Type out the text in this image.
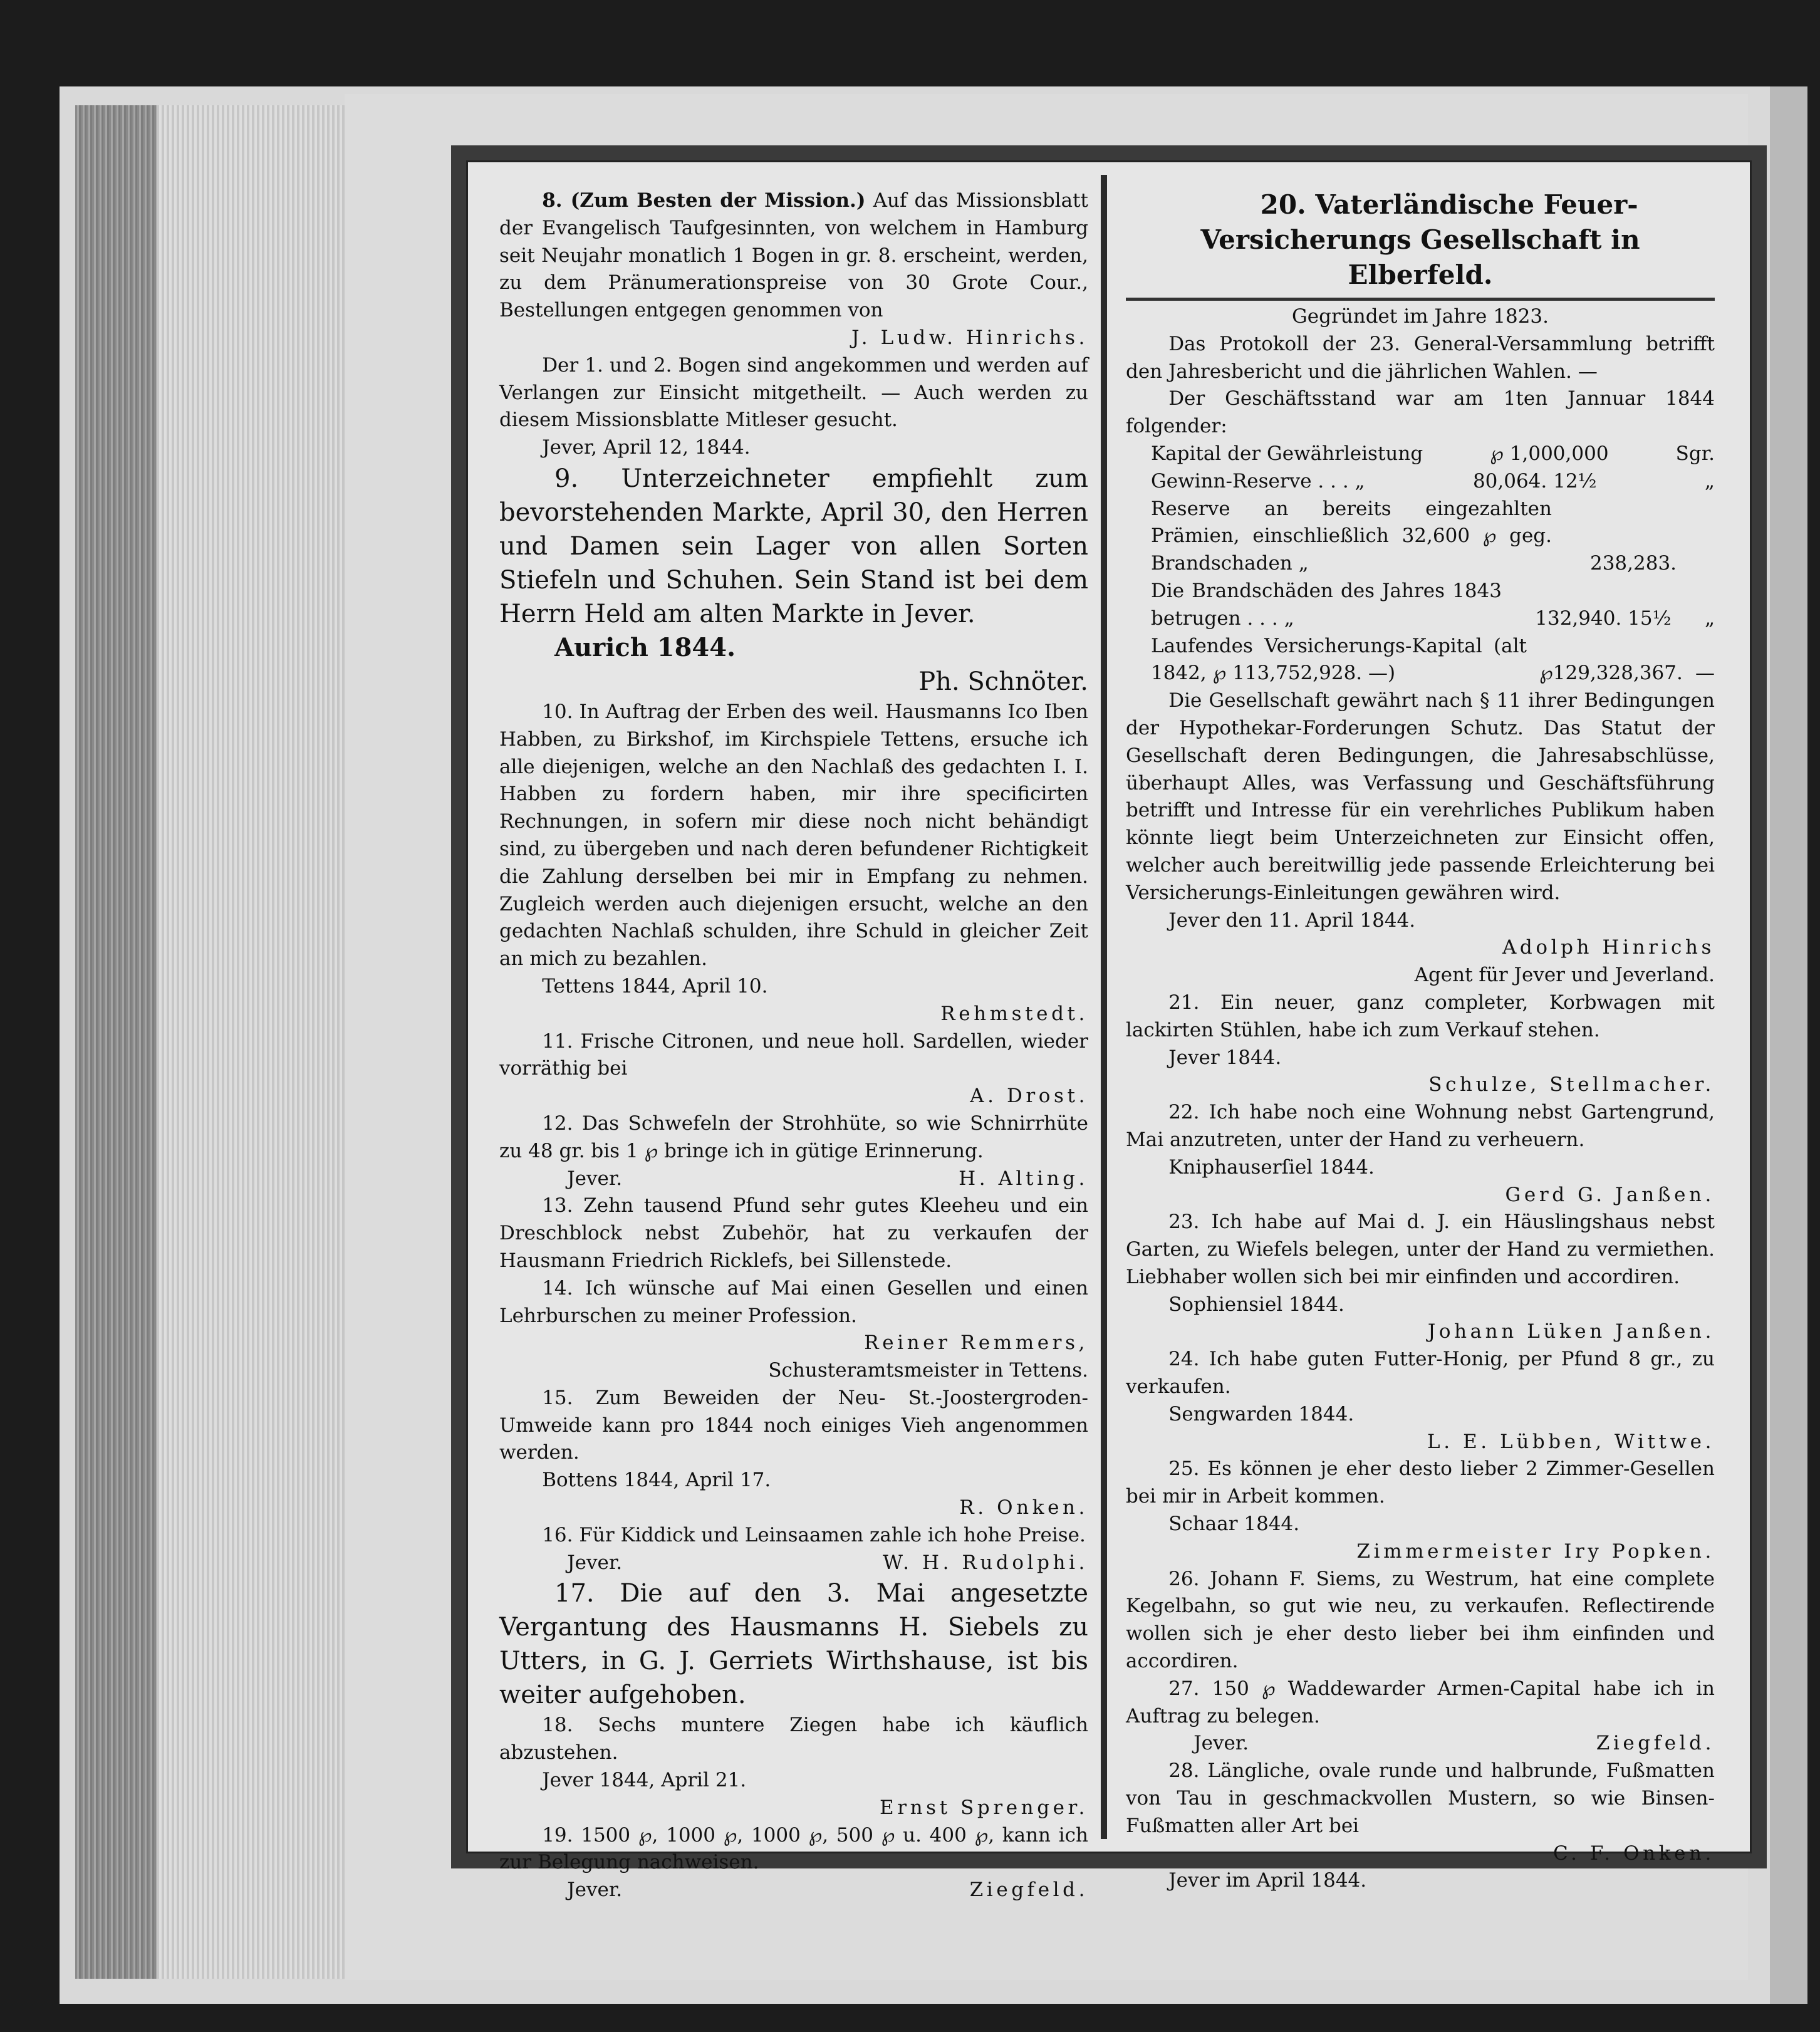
8. (Zum Besten der Mission.) Auf das Missionsblatt der Evangelisch Taufgesinnten, von welchem in Hamburg seit Neujahr monatlich 1 Bogen in gr. 8. erscheint, werden, zu dem Pränumerationspreise von 30 Grote Cour., Bestellungen entgegen genommen von

J. Ludw. Hinrichs.

Der 1. und 2. Bogen sind angekommen und werden auf Verlangen zur Einsicht mitgetheilt. — Auch werden zu diesem Missionsblatte Mitleser gesucht.

Jever, April 12, 1844.

9. Unterzeichneter empfiehlt zum bevorstehenden Markte, April 30, den Herren und Damen sein Lager von allen Sorten Stiefeln und Schuhen. Sein Stand ist bei dem Herrn Held am alten Markte in Jever.

Aurich 1844.

Ph. Schnöter.

10. In Auftrag der Erben des weil. Hausmanns Ico Iben Habben, zu Birkshof, im Kirchspiele Tettens, ersuche ich alle diejenigen, welche an den Nachlaß des gedachten I. I. Habben zu fordern haben, mir ihre specificirten Rechnungen, in sofern mir diese noch nicht behändigt sind, zu übergeben und nach deren befundener Richtigkeit die Zahlung derselben bei mir in Empfang zu nehmen. Zugleich werden auch diejenigen ersucht, welche an den gedachten Nachlaß schulden, ihre Schuld in gleicher Zeit an mich zu bezahlen.

Tettens 1844, April 10.

Rehmstedt.

11. Frische Citronen, und neue holl. Sardellen, wieder vorräthig bei

A. Drost.

12. Das Schwefeln der Strohhüte, so wie Schnirrhüte zu 48 gr. bis 1 ℘ bringe ich in gütige Erinnerung.

Jever.	H. Alting.

13. Zehn tausend Pfund sehr gutes Kleeheu und ein Dreschblock nebst Zubehör, hat zu verkaufen der Hausmann Friedrich Ricklefs, bei Sillenstede.

14. Ich wünsche auf Mai einen Gesellen und einen Lehrburschen zu meiner Profession.

Reiner Remmers,

Schusteramtsmeister in Tettens.

15. Zum Beweiden der Neu- St.-Joostergroden-Umweide kann pro 1844 noch einiges Vieh angenommen werden.

Bottens 1844, April 17.

R. Onken.

16. Für Kiddick und Leinsaamen zahle ich hohe Preise.

Jever.	W. H. Rudolphi.

17. Die auf den 3. Mai angesetzte Vergantung des Hausmanns H. Siebels zu Utters, in G. J. Gerriets Wirthshause, ist bis weiter aufgehoben.

18. Sechs muntere Ziegen habe ich käuflich abzustehen.

Jever 1844, April 21.

Ernst Sprenger.

19. 1500 ℘, 1000 ℘, 1000 ℘, 500 ℘ u. 400 ℘, kann ich zur Belegung nachweisen.

Jever.	Ziegfeld.

20. Vaterländische Feuer-Versicherungs Gesellschaft in Elberfeld.

Gegründet im Jahre 1823.

Das Protokoll der 23. General-Versammlung betrifft den Jahresbericht und die jährlichen Wahlen. —

Der Geschäftsstand war am 1ten Jannuar 1844 folgender:

Kapital der Gewährleistung	℘ 1,000,000	Sgr.
Gewinn-Reserve . . . „	80,064. 12½	„
Reserve an bereits eingezahlten Prämien, einschließlich 32,600 ℘ geg. Brandschaden „	238,283.
Die Brandschäden des Jahres 1843 betrugen . . . „	132,940. 15½ „
Laufendes Versicherungs-Kapital (alt 1842, ℘ 113,752,928. —)	℘129,328,367. —

Die Gesellschaft gewährt nach § 11 ihrer Bedingungen der Hypothekar-Forderungen Schutz. Das Statut der Gesellschaft deren Bedingungen, die Jahresabschlüsse, überhaupt Alles, was Verfassung und Geschäftsführung betrifft und Intresse für ein verehrliches Publikum haben könnte liegt beim Unterzeichneten zur Einsicht offen, welcher auch bereitwillig jede passende Erleichterung bei Versicherungs-Einleitungen gewähren wird.

Jever den 11. April 1844.

Adolph Hinrichs

Agent für Jever und Jeverland.

21. Ein neuer, ganz completer, Korbwagen mit lackirten Stühlen, habe ich zum Verkauf stehen.

Jever 1844.

Schulze, Stellmacher.

22. Ich habe noch eine Wohnung nebst Gartengrund, Mai anzutreten, unter der Hand zu verheuern.

Kniphauserſiel 1844.

Gerd G. Janßen.

23. Ich habe auf Mai d. J. ein Häuslingshaus nebst Garten, zu Wiefels belegen, unter der Hand zu vermiethen. Liebhaber wollen sich bei mir einfinden und accordiren.

Sophiensiel 1844.

Johann Lüken Janßen.

24. Ich habe guten Futter-Honig, per Pfund 8 gr., zu verkaufen.

Sengwarden 1844.

L. E. Lübben, Wittwe.

25. Es können je eher desto lieber 2 Zimmer-Gesellen bei mir in Arbeit kommen.

Schaar 1844.

Zimmermeister Iry Popken.

26. Johann F. Siems, zu Westrum, hat eine complete Kegelbahn, so gut wie neu, zu verkaufen. Reflectirende wollen sich je eher desto lieber bei ihm einfinden und accordiren.

27. 150 ℘ Waddewarder Armen-Capital habe ich in Auftrag zu belegen.

Jever.	Ziegfeld.

28. Längliche, ovale runde und halbrunde, Fußmatten von Tau in geschmackvollen Mustern, so wie Binsen-Fußmatten aller Art bei

C. F. Onken.

Jever im April 1844.
